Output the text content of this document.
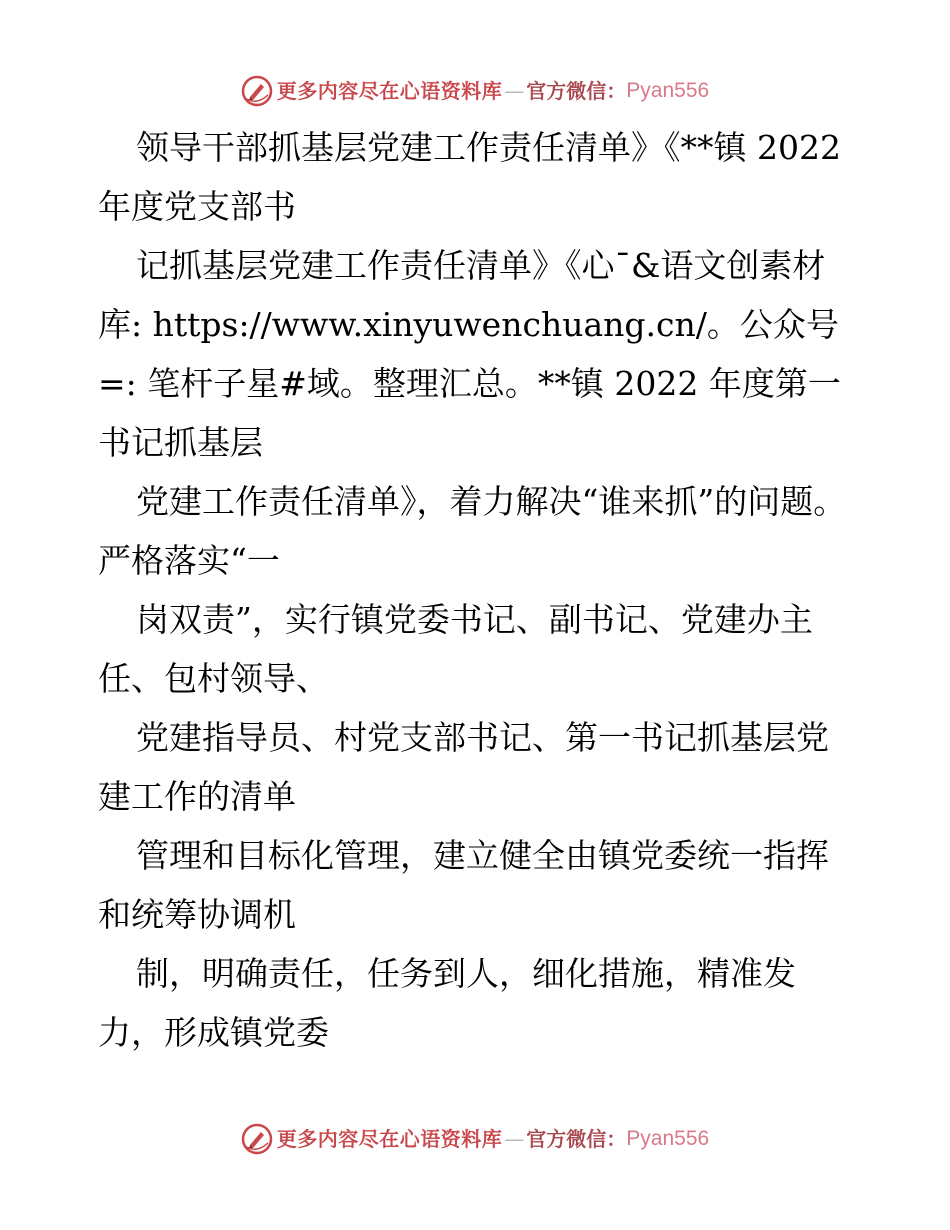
更多内容尽在心语资料库 — 官方微信： Pyan556

领导干部抓基层党建工作责任清单》《**镇 2022 年度党支部书

记抓基层党建工作责任清单》《心¯&语文创素材库: https://www.xinyuwenchuang.cn/。公众号=: 笔杆子星#域。整理汇总。**镇 2022 年度第一书记抓基层

党建工作责任清单》，着力解决“谁来抓”的问题。严格落实“一

岗双责”，实行镇党委书记、副书记、党建办主任、包村领导、

党建指导员、村党支部书记、第一书记抓基层党建工作的清单

管理和目标化管理，建立健全由镇党委统一指挥和统筹协调机

制，明确责任，任务到人，细化措施，精准发力，形成镇党委

更多内容尽在心语资料库 — 官方微信： Pyan556
